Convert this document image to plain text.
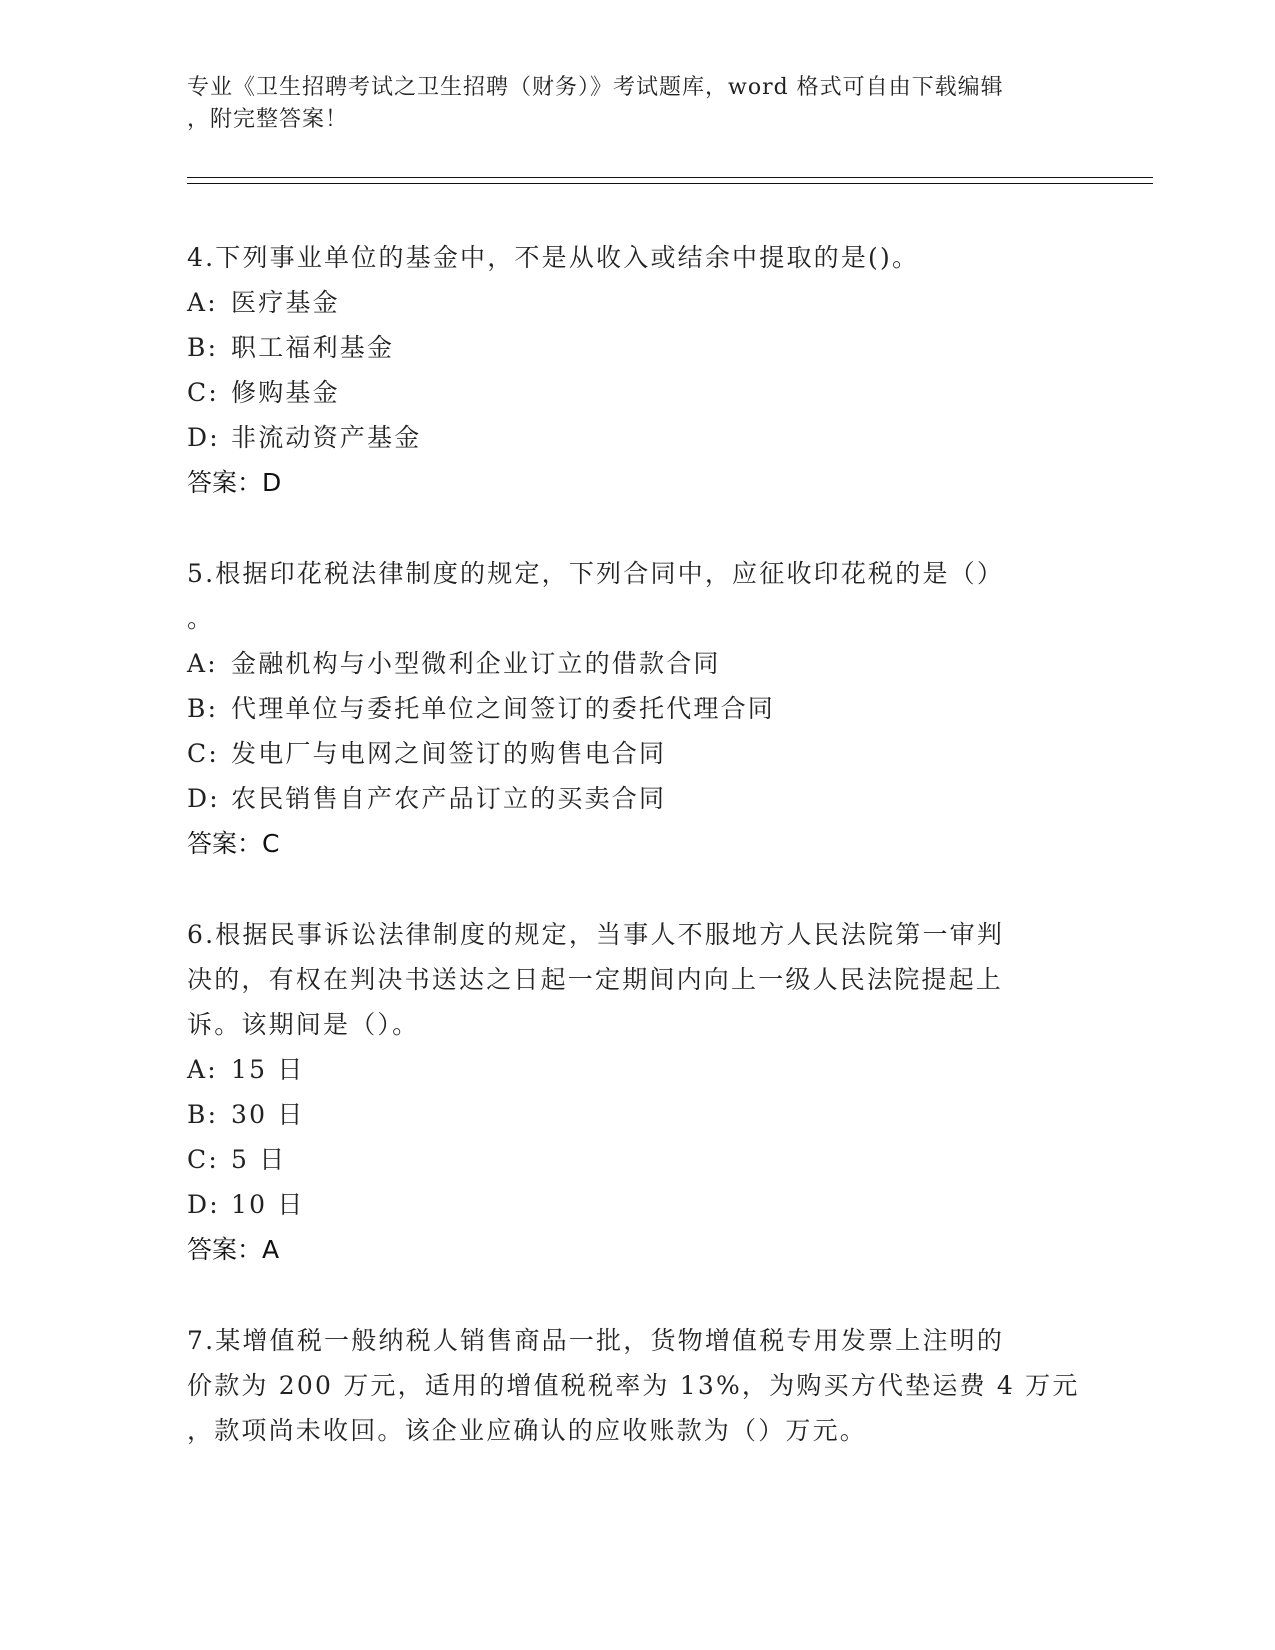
专业《卫生招聘考试之卫生招聘（财务）》考试题库，word 格式可自由下载编辑

，附完整答案！

4.下列事业单位的基金中，不是从收入或结余中提取的是()。

A: 医疗基金

B: 职工福利基金

C: 修购基金

D: 非流动资产基金

答案：D

5.根据印花税法律制度的规定，下列合同中，应征收印花税的是（）

。

A: 金融机构与小型微利企业订立的借款合同

B: 代理单位与委托单位之间签订的委托代理合同

C: 发电厂与电网之间签订的购售电合同

D: 农民销售自产农产品订立的买卖合同

答案：C

6.根据民事诉讼法律制度的规定，当事人不服地方人民法院第一审判

决的，有权在判决书送达之日起一定期间内向上一级人民法院提起上

诉。该期间是（）。

A: 15 日

B: 30 日

C: 5 日

D: 10 日

答案：A

7.某增值税一般纳税人销售商品一批，货物增值税专用发票上注明的

价款为 200 万元，适用的增值税税率为 13%，为购买方代垫运费 4 万元

，款项尚未收回。该企业应确认的应收账款为（）万元。
